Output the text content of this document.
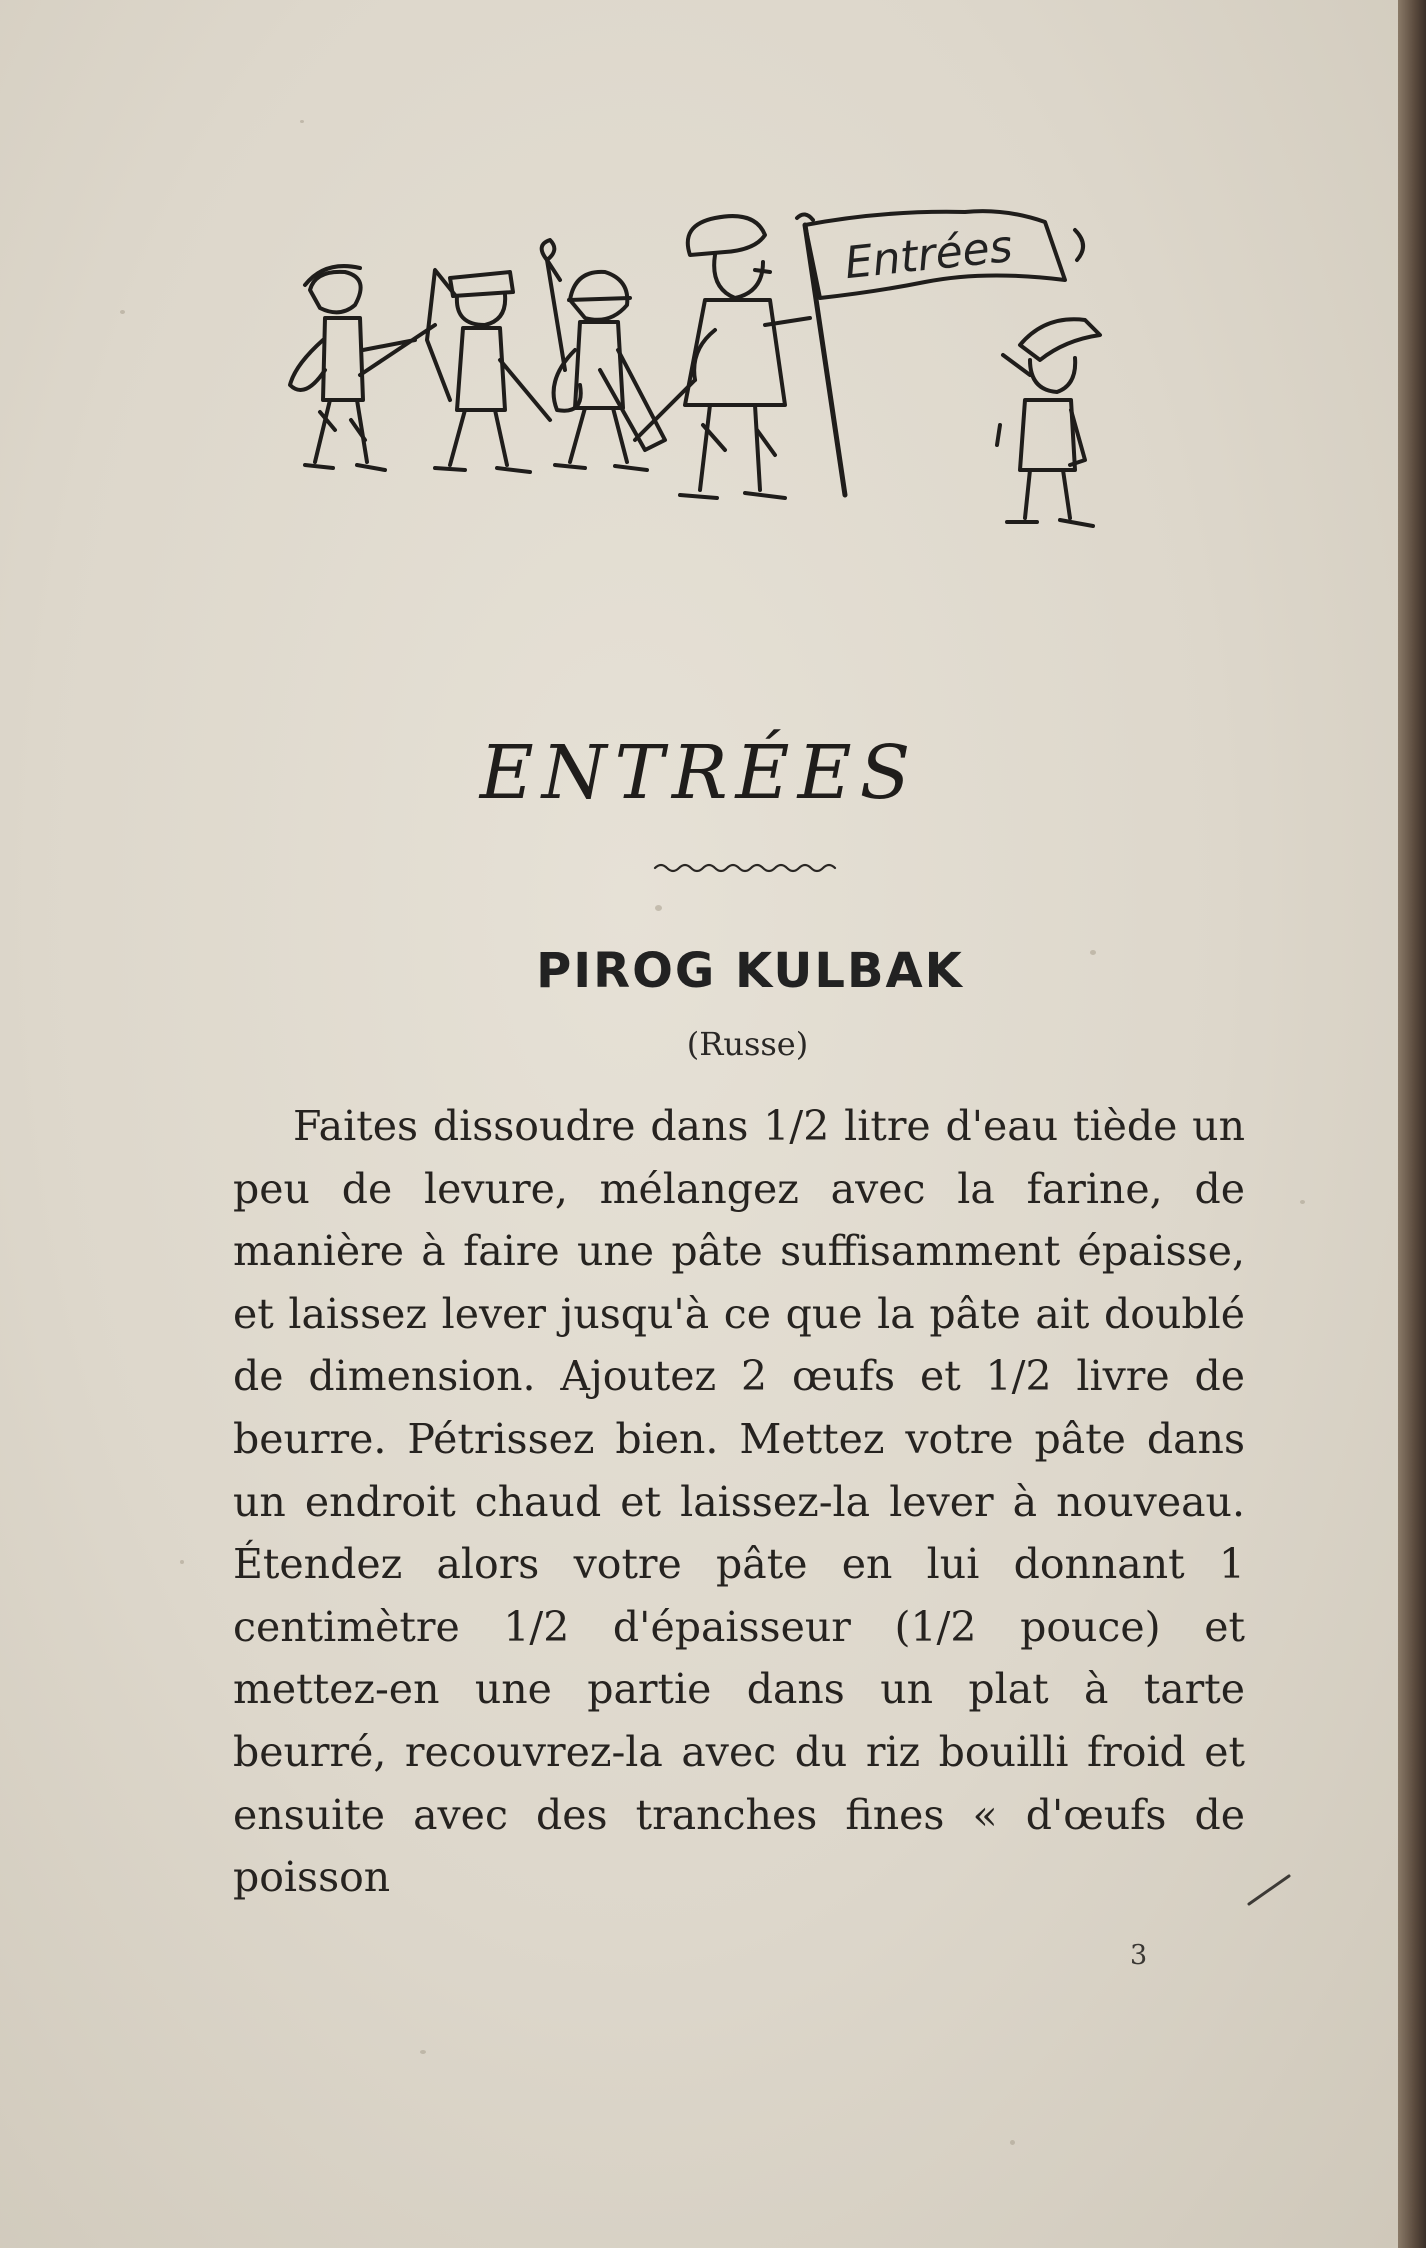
Entrées
ENTRÉES
PIROG KULBAK
(Russe)

Faites dissoudre dans 1/2 litre d'eau tiède un peu de levure, mélangez avec la farine, de manière à faire une pâte suffisamment épaisse, et laissez lever jusqu'à ce que la pâte ait doublé de dimension. Ajoutez 2 œufs et 1/2 livre de beurre. Pétrissez bien. Mettez votre pâte dans un endroit chaud et laissez-la lever à nouveau. Étendez alors votre pâte en lui donnant 1 centimètre 1/2 d'épaisseur (1/2 pouce) et mettez-en une partie dans un plat à tarte beurré, recouvrez-la avec du riz bouilli froid et ensuite avec des tranches fines « d'œufs de poisson

3
